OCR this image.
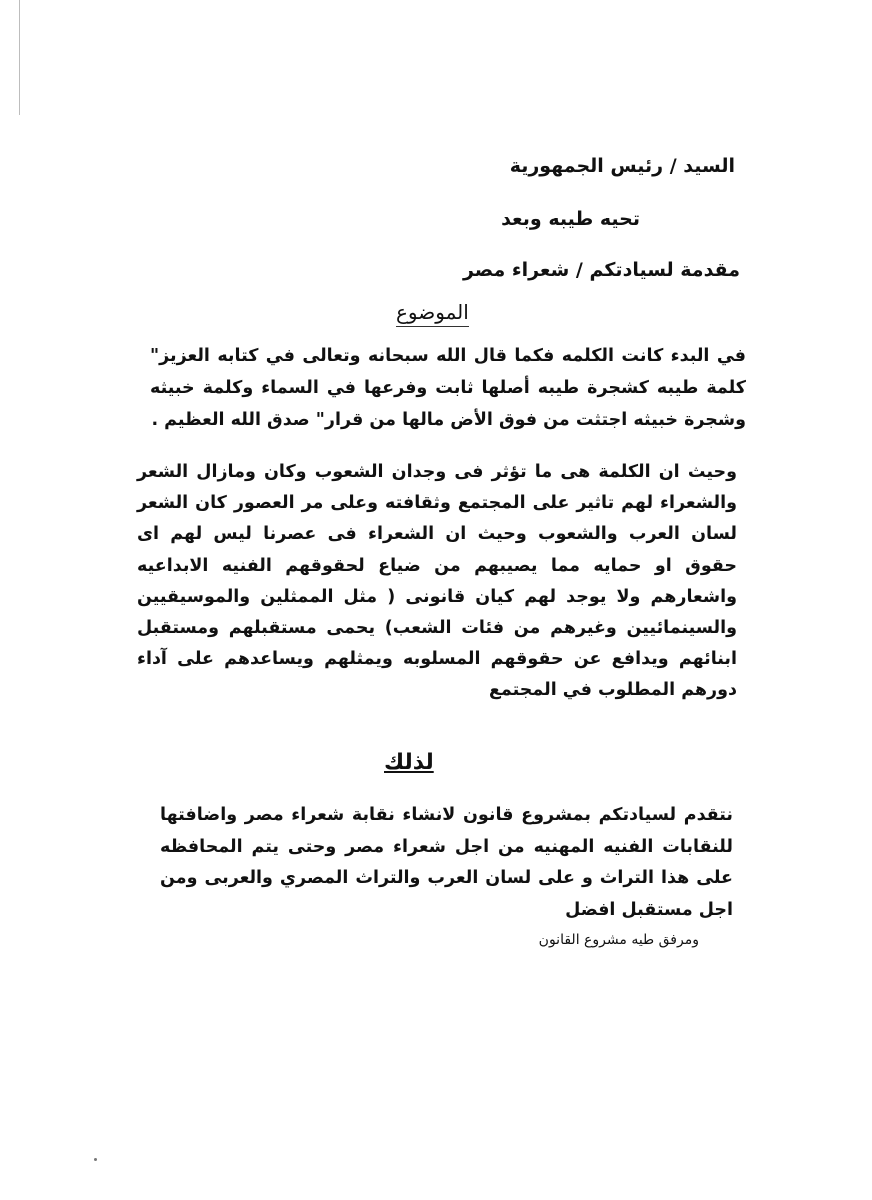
السيد / رئيس الجمهورية
تحيه طيبه وبعد
مقدمة لسيادتكم / شعراء مصر
الموضوع
في البدء كانت الكلمه فكما قال الله سبحانه وتعالى في كتابه العزيز" كلمة طيبه كشجرة طيبه أصلها ثابت وفرعها في السماء وكلمة خبيثه وشجرة خبيثه اجتثت من فوق الأض مالها من قرار" صدق الله العظيم .
وحيث ان الكلمة هى ما تؤثر فى وجدان الشعوب وكان ومازال الشعر والشعراء لهم تاثير على المجتمع وثقافته وعلى مر العصور كان الشعر لسان العرب والشعوب وحيث ان الشعراء فى عصرنا ليس لهم اى حقوق او حمايه مما يصيبهم من ضياع لحقوقهم الفنيه الابداعيه واشعارهم ولا يوجد لهم كيان قانونى ( مثل الممثلين والموسيقيين والسينمائيين وغيرهم من فئات الشعب) يحمى مستقبلهم ومستقبل ابنائهم ويدافع عن حقوقهم المسلوبه ويمثلهم ويساعدهم على آداء دورهم المطلوب في المجتمع
لذلك
نتقدم لسيادتكم بمشروع قانون لانشاء نقابة شعراء مصر واضافتها للنقابات الفنيه المهنيه من اجل شعراء مصر وحتى يتم المحافظه على هذا التراث و على لسان العرب والتراث المصري والعربى ومن اجل مستقبل افضل
ومرفق طيه مشروع القانون
